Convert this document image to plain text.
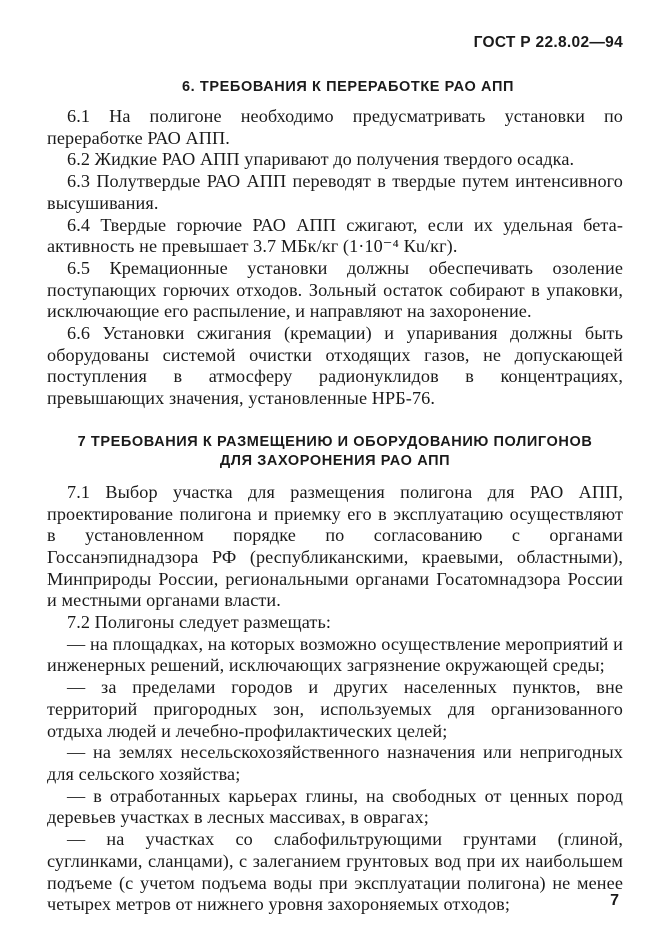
ГОСТ Р 22.8.02—94
6. ТРЕБОВАНИЯ К ПЕРЕРАБОТКЕ РАО АПП

6.1 На полигоне необходимо предусматривать установки по переработке РАО АПП.

6.2 Жидкие РАО АПП упаривают до получения твердого осадка.

6.3 Полутвердые РАО АПП переводят в твердые путем интенсивного высушивания.

6.4 Твердые горючие РАО АПП сжигают, если их удельная бета-активность не превышает 3.7 МБк/кг (1·10⁻⁴ Кu/кг).

6.5 Кремационные установки должны обеспечивать озоление поступающих горючих отходов. Зольный остаток собирают в упаковки, исключающие его распыление, и направляют на захоронение.

6.6 Установки сжигания (кремации) и упаривания должны быть оборудованы системой очистки отходящих газов, не допускающей поступления в атмосферу радионуклидов в концентрациях, превышающих значения, установленные НРБ-76.

7 ТРЕБОВАНИЯ К РАЗМЕЩЕНИЮ И ОБОРУДОВАНИЮ ПОЛИГОНОВ
ДЛЯ ЗАХОРОНЕНИЯ РАО АПП

7.1 Выбор участка для размещения полигона для РАО АПП, проектирование полигона и приемку его в эксплуатацию осуществляют в установленном порядке по согласованию с органами Госсанэпиднадзора РФ (республиканскими, краевыми, областными), Минприроды России, региональными органами Госатомнадзора России и местными органами власти.

7.2 Полигоны следует размещать:

— на площадках, на которых возможно осуществление мероприятий и инженерных решений, исключающих загрязнение окружающей среды;

— за пределами городов и других населенных пунктов, вне территорий пригородных зон, используемых для организованного отдыха людей и лечебно-профилактических целей;

— на землях несельскохозяйственного назначения или непригодных для сельского хозяйства;

— в отработанных карьерах глины, на свободных от ценных пород деревьев участках в лесных массивах, в оврагах;

— на участках со слабофильтрующими грунтами (глиной, суглинками, сланцами), с залеганием грунтовых вод при их наибольшем подъеме (с учетом подъема воды при эксплуатации полигона) не менее четырех метров от нижнего уровня захороняемых отходов;	7
